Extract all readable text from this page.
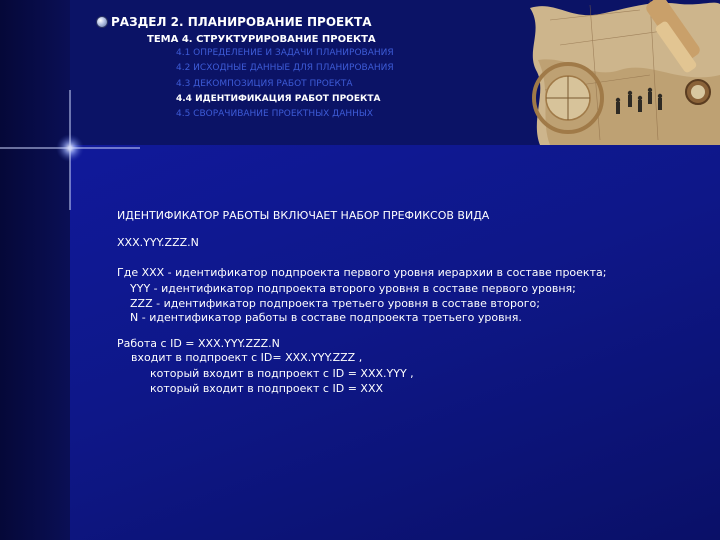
РАЗДЕЛ 2. ПЛАНИРОВАНИЕ ПРОЕКТА
ТЕМА 4. СТРУКТУРИРОВАНИЕ ПРОЕКТА
4.1 ОПРЕДЕЛЕНИЕ И ЗАДАЧИ ПЛАНИРОВАНИЯ
4.2 ИСХОДНЫЕ ДАННЫЕ ДЛЯ ПЛАНИРОВАНИЯ
4.3 ДЕКОМПОЗИЦИЯ РАБОТ ПРОЕКТА
4.4 ИДЕНТИФИКАЦИЯ РАБОТ ПРОЕКТА
4.5 СВОРАЧИВАНИЕ ПРОЕКТНЫХ ДАННЫХ
ИДЕНТИФИКАТОР РАБОТЫ ВКЛЮЧАЕТ НАБОР ПРЕФИКСОВ ВИДА
XXX.YYY.ZZZ.N
Где XXX - идентификатор подпроекта первого уровня иерархии в составе проекта;
YYY - идентификатор подпроекта второго уровня в составе первого уровня;
ZZZ - идентификатор подпроекта третьего уровня в составе второго;
N - идентификатор работы в составе подпроекта третьего уровня.
Работа с ID = XXX.YYY.ZZZ.N
входит в подпроект с ID= XXX.YYY.ZZZ ,
который входит в подпроект с ID = XXX.YYY ,
который входит в подпроект с ID = XXX
